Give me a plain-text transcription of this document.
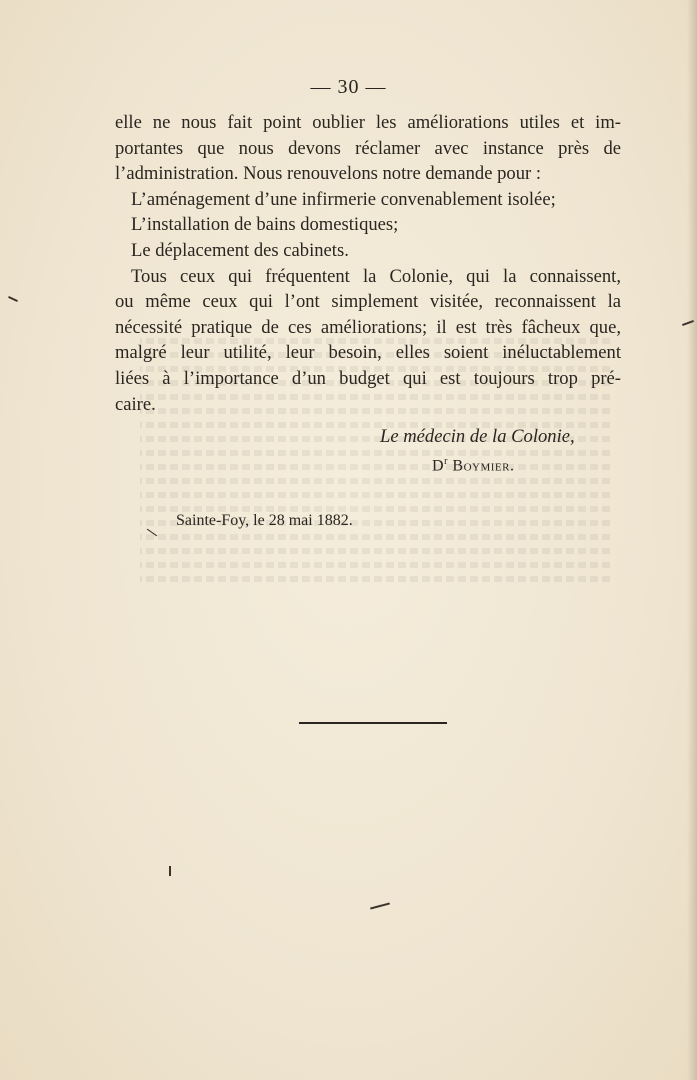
— 30 —
elle ne nous fait point oublier les améliorations utiles et im-
portantes que nous devons réclamer avec instance près de
l’administration. Nous renouvelons notre demande pour :
L’aménagement d’une infirmerie convenablement isolée;
L’installation de bains domestiques;
Le déplacement des cabinets.
Tous ceux qui fréquentent la Colonie, qui la connaissent,
ou même ceux qui l’ont simplement visitée, reconnaissent la
nécessité pratique de ces améliorations; il est très fâcheux que,
malgré leur utilité, leur besoin, elles soient inéluctablement
liées à l’importance d’un budget qui est toujours trop pré-
caire.
Le médecin de la Colonie,
$D^r$ Boymier.
Sainte-Foy, le 28 mai 1882.
